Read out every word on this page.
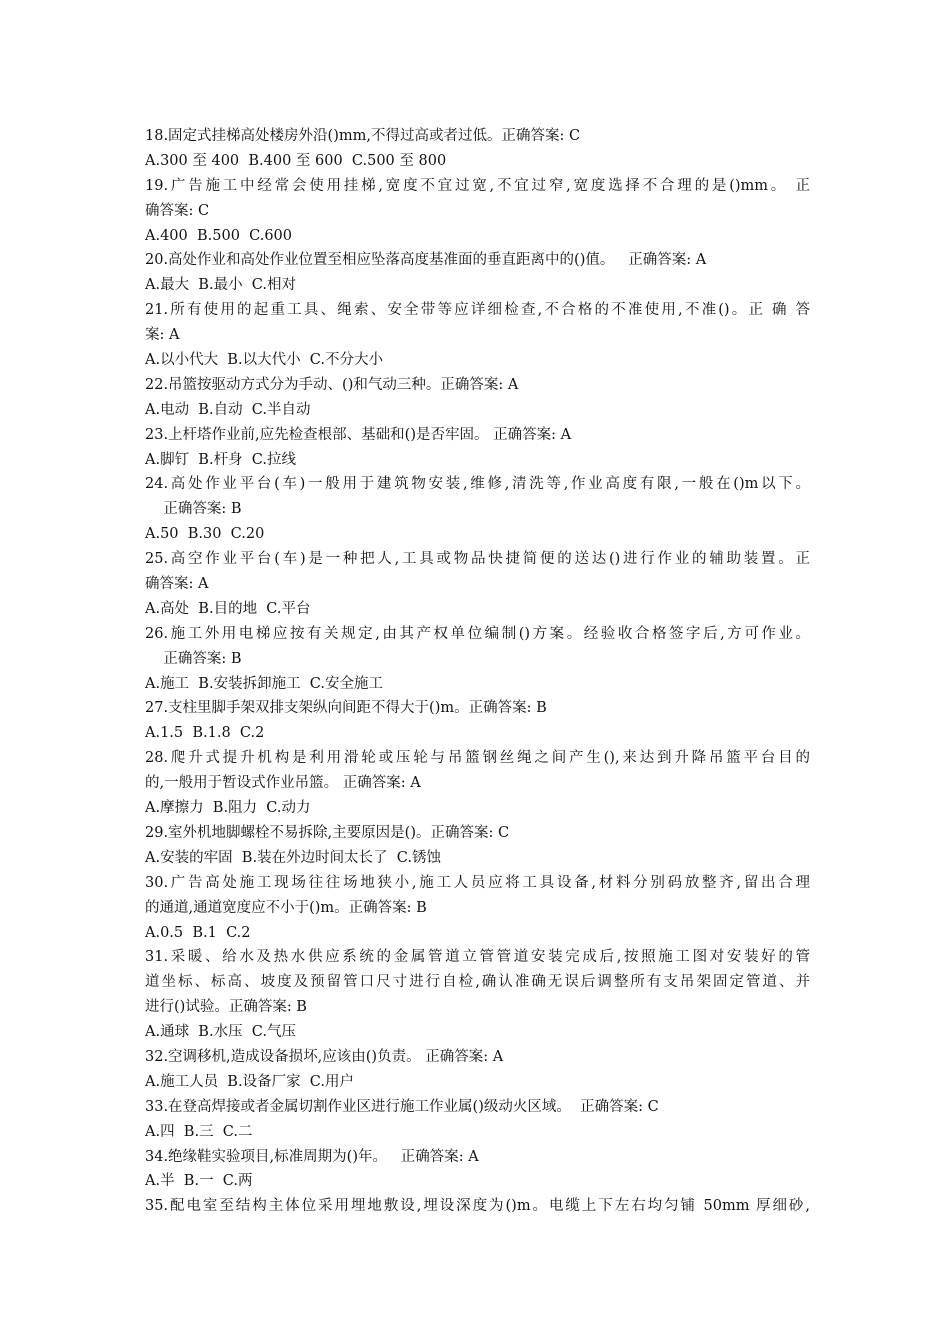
18.固定式挂梯高处楼房外沿()mm,不得过高或者过低。正确答案: C
A.300 至 400  B.400 至 600  C.500 至 800
19.广告施工中经常会使用挂梯,宽度不宜过宽,不宜过窄,宽度选择不合理的是()mm。 正
确答案: C
A.400  B.500  C.600
20.高处作业和高处作业位置至相应坠落高度基准面的垂直距离中的()值。   正确答案: A
A.最大  B.最小  C.相对
21.所有使用的起重工具、绳索、安全带等应详细检查,不合格的不准使用,不准()。正 确 答
案: A
A.以小代大  B.以大代小  C.不分大小
22.吊篮按驱动方式分为手动、()和气动三种。正确答案: A
A.电动  B.自动  C.半自动
23.上杆塔作业前,应先检查根部、基础和()是否牢固。 正确答案: A
A.脚钉  B.杆身  C.拉线
24.高处作业平台(车)一般用于建筑物安装,维修,清洗等,作业高度有限,一般在()m以下。
正确答案: B
A.50  B.30  C.20
25.高空作业平台(车)是一种把人,工具或物品快捷简便的送达()进行作业的辅助装置。正
确答案: A
A.高处  B.目的地  C.平台
26.施工外用电梯应按有关规定,由其产权单位编制()方案。经验收合格签字后,方可作业。
正确答案: B
A.施工  B.安装拆卸施工  C.安全施工
27.支柱里脚手架双排支架纵向间距不得大于()m。正确答案: B
A.1.5  B.1.8  C.2
28.爬升式提升机构是利用滑轮或压轮与吊篮钢丝绳之间产生(),来达到升降吊篮平台目的
的,一般用于暂设式作业吊篮。 正确答案: A
A.摩擦力  B.阻力  C.动力
29.室外机地脚螺栓不易拆除,主要原因是()。正确答案: C
A.安装的牢固  B.装在外边时间太长了  C.锈蚀
30.广告高处施工现场往往场地狭小,施工人员应将工具设备,材料分别码放整齐,留出合理
的通道,通道宽度应不小于()m。正确答案: B
A.0.5  B.1  C.2
31.采暖、给水及热水供应系统的金属管道立管管道安装完成后,按照施工图对安装好的管
道坐标、标高、坡度及预留管口尺寸进行自检,确认准确无误后调整所有支吊架固定管道、并
进行()试验。正确答案: B
A.通球  B.水压  C.气压
32.空调移机,造成设备损坏,应该由()负责。 正确答案: A
A.施工人员  B.设备厂家  C.用户
33.在登高焊接或者金属切割作业区进行施工作业属()级动火区域。  正确答案: C
A.四  B.三  C.二
34.绝缘鞋实验项目,标准周期为()年。   正确答案: A
A.半  B.一  C.两
35.配电室至结构主体位采用埋地敷设,埋设深度为()m。电缆上下左右均匀铺 50mm 厚细砂,
